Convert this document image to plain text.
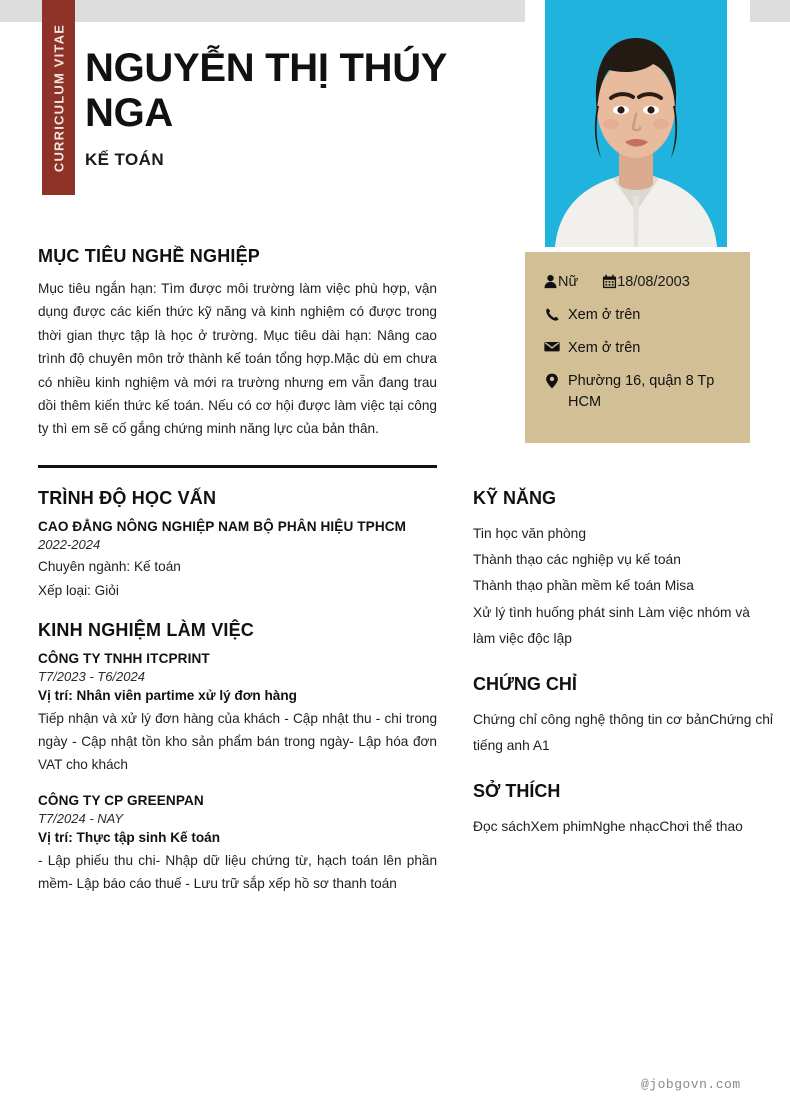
CURRICULUM VITAE NGUYỄN THỊ THÚY NGA
KẾ TOÁN
Nữ	18/08/2003
Xem ở trên
Xem ở trên
Phường 16, quận 8 Tp HCM
MỤC TIÊU NGHỀ NGHIỆP

Mục tiêu ngắn hạn: Tìm được môi trường làm việc phù hợp, vận dụng được các kiến thức kỹ năng và kinh nghiệm có được trong thời gian thực tập là học ở trường. Mục tiêu dài hạn: Nâng cao trình độ chuyên môn trở thành kế toán tổng hợp.Mặc dù em chưa có nhiều kinh nghiệm và mới ra trường nhưng em vẫn đang trau dồi thêm kiến thức kế toán. Nếu có cơ hội được làm việc tại công ty thì em sẽ cố gắng chứng minh năng lực của bản thân.

TRÌNH ĐỘ HỌC VẤN
CAO ĐẲNG NÔNG NGHIỆP NAM BỘ PHÂN HIỆU TPHCM
2022-2024
Chuyên ngành: Kế toán
Xếp loại: Giỏi
KINH NGHIỆM LÀM VIỆC
CÔNG TY TNHH ITCPRINT
T7/2023 - T6/2024
Vị trí: Nhân viên partime xử lý đơn hàng

Tiếp nhận và xử lý đơn hàng của khách - Cập nhật thu - chi trong ngày - Cập nhật tồn kho sản phẩm bán trong ngày- Lập hóa đơn VAT cho khách

CÔNG TY CP GREENPAN
T7/2024 - NAY
Vị trí: Thực tập sinh Kế toán

- Lập phiếu thu chi- Nhập dữ liệu chứng từ, hạch toán lên phần mềm- Lập báo cáo thuế - Lưu trữ sắp xếp hồ sơ thanh toán

KỸ NĂNG
Tin học văn phòng
Thành thạo các nghiệp vụ kế toán
Thành thạo phần mềm kế toán Misa
Xử lý tình huống phát sinh Làm việc nhóm và làm việc độc lập
CHỨNG CHỈ

Chứng chỉ công nghệ thông tin cơ bảnChứng chỉ tiếng anh A1

SỞ THÍCH

Đọc sáchXem phimNghe nhạcChơi thể thao

@jobgovn.com
